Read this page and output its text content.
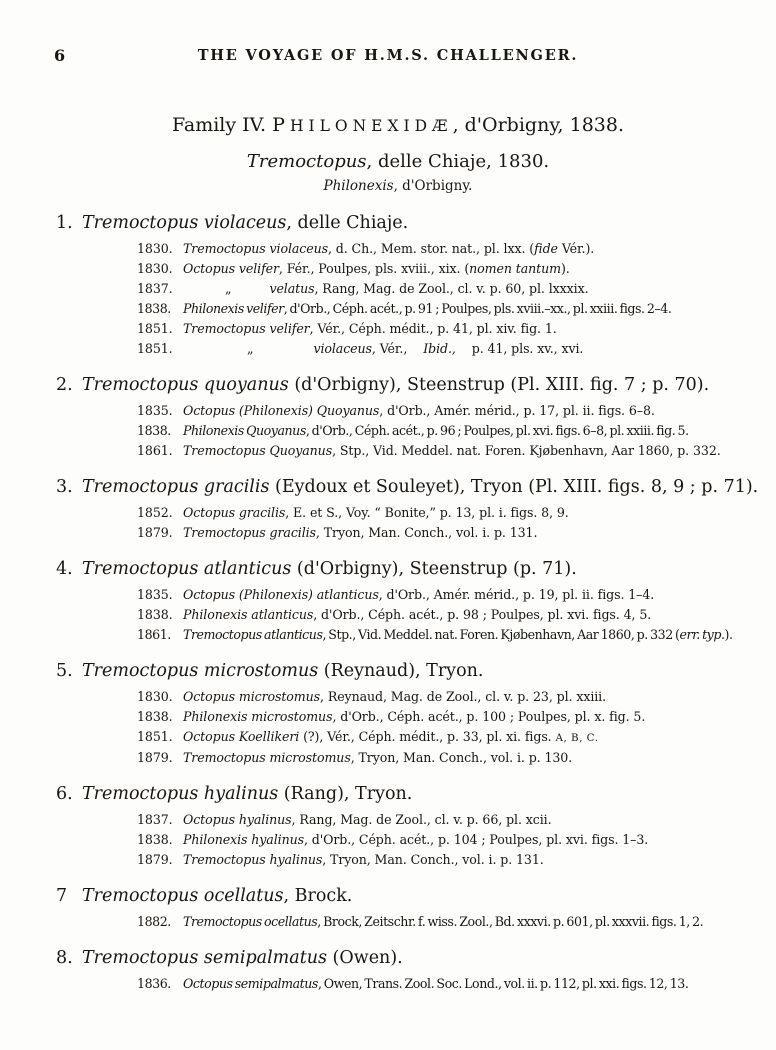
6	THE VOYAGE OF H.M.S. CHALLENGER.
Family IV. PHILONEXIDÆ, d'Orbigny, 1838.
Tremoctopus, delle Chiaje, 1830.
Philonexis, d'Orbigny.
1. Tremoctopus violaceus, delle Chiaje.
1830. Tremoctopus violaceus, d. Ch., Mem. stor. nat., pl. lxx. (fide Vér.).
1830. Octopus velifer, Fér., Poulpes, pls. xviii., xix. (nomen tantum).
1837.	„	velatus, Rang, Mag. de Zool., cl. v. p. 60, pl. lxxxix.
1838. Philonexis velifer, d'Orb., Céph. acét., p. 91 ; Poulpes, pls. xviii.–xx., pl. xxiii. figs. 2–4.
1851. Tremoctopus velifer, Vér., Céph. médit., p. 41, pl. xiv. fig. 1.
1851.	„	violaceus, Vér., Ibid., p. 41, pls. xv., xvi.
2. Tremoctopus quoyanus (d'Orbigny), Steenstrup (Pl. XIII. fig. 7 ; p. 70).
1835. Octopus (Philonexis) Quoyanus, d'Orb., Amér. mérid., p. 17, pl. ii. figs. 6–8.
1838. Philonexis Quoyanus, d'Orb., Céph. acét., p. 96 ; Poulpes, pl. xvi. figs. 6–8, pl. xxiii. fig. 5.
1861. Tremoctopus Quoyanus, Stp., Vid. Meddel. nat. Foren. Kjøbenhavn, Aar 1860, p. 332.
3. Tremoctopus gracilis (Eydoux et Souleyet), Tryon (Pl. XIII. figs. 8, 9 ; p. 71).
1852. Octopus gracilis, E. et S., Voy. “ Bonite,” p. 13, pl. i. figs. 8, 9.
1879. Tremoctopus gracilis, Tryon, Man. Conch., vol. i. p. 131.
4. Tremoctopus atlanticus (d'Orbigny), Steenstrup (p. 71).
1835. Octopus (Philonexis) atlanticus, d'Orb., Amér. mérid., p. 19, pl. ii. figs. 1–4.
1838. Philonexis atlanticus, d'Orb., Céph. acét., p. 98 ; Poulpes, pl. xvi. figs. 4, 5.
1861. Tremoctopus atlanticus, Stp., Vid. Meddel. nat. Foren. Kjøbenhavn, Aar 1860, p. 332 (err. typ.).
5. Tremoctopus microstomus (Reynaud), Tryon.
1830. Octopus microstomus, Reynaud, Mag. de Zool., cl. v. p. 23, pl. xxiii.
1838. Philonexis microstomus, d'Orb., Céph. acét., p. 100 ; Poulpes, pl. x. fig. 5.
1851. Octopus Koellikeri (?), Vér., Céph. médit., p. 33, pl. xi. figs. A, B, C.
1879. Tremoctopus microstomus, Tryon, Man. Conch., vol. i. p. 130.
6. Tremoctopus hyalinus (Rang), Tryon.
1837. Octopus hyalinus, Rang, Mag. de Zool., cl. v. p. 66, pl. xcii.
1838. Philonexis hyalinus, d'Orb., Céph. acét., p. 104 ; Poulpes, pl. xvi. figs. 1–3.
1879. Tremoctopus hyalinus, Tryon, Man. Conch., vol. i. p. 131.
7 Tremoctopus ocellatus, Brock.
1882. Tremoctopus ocellatus, Brock, Zeitschr. f. wiss. Zool., Bd. xxxvi. p. 601, pl. xxxvii. figs. 1, 2.
8. Tremoctopus semipalmatus (Owen).
1836. Octopus semipalmatus, Owen, Trans. Zool. Soc. Lond., vol. ii. p. 112, pl. xxi. figs. 12, 13.
